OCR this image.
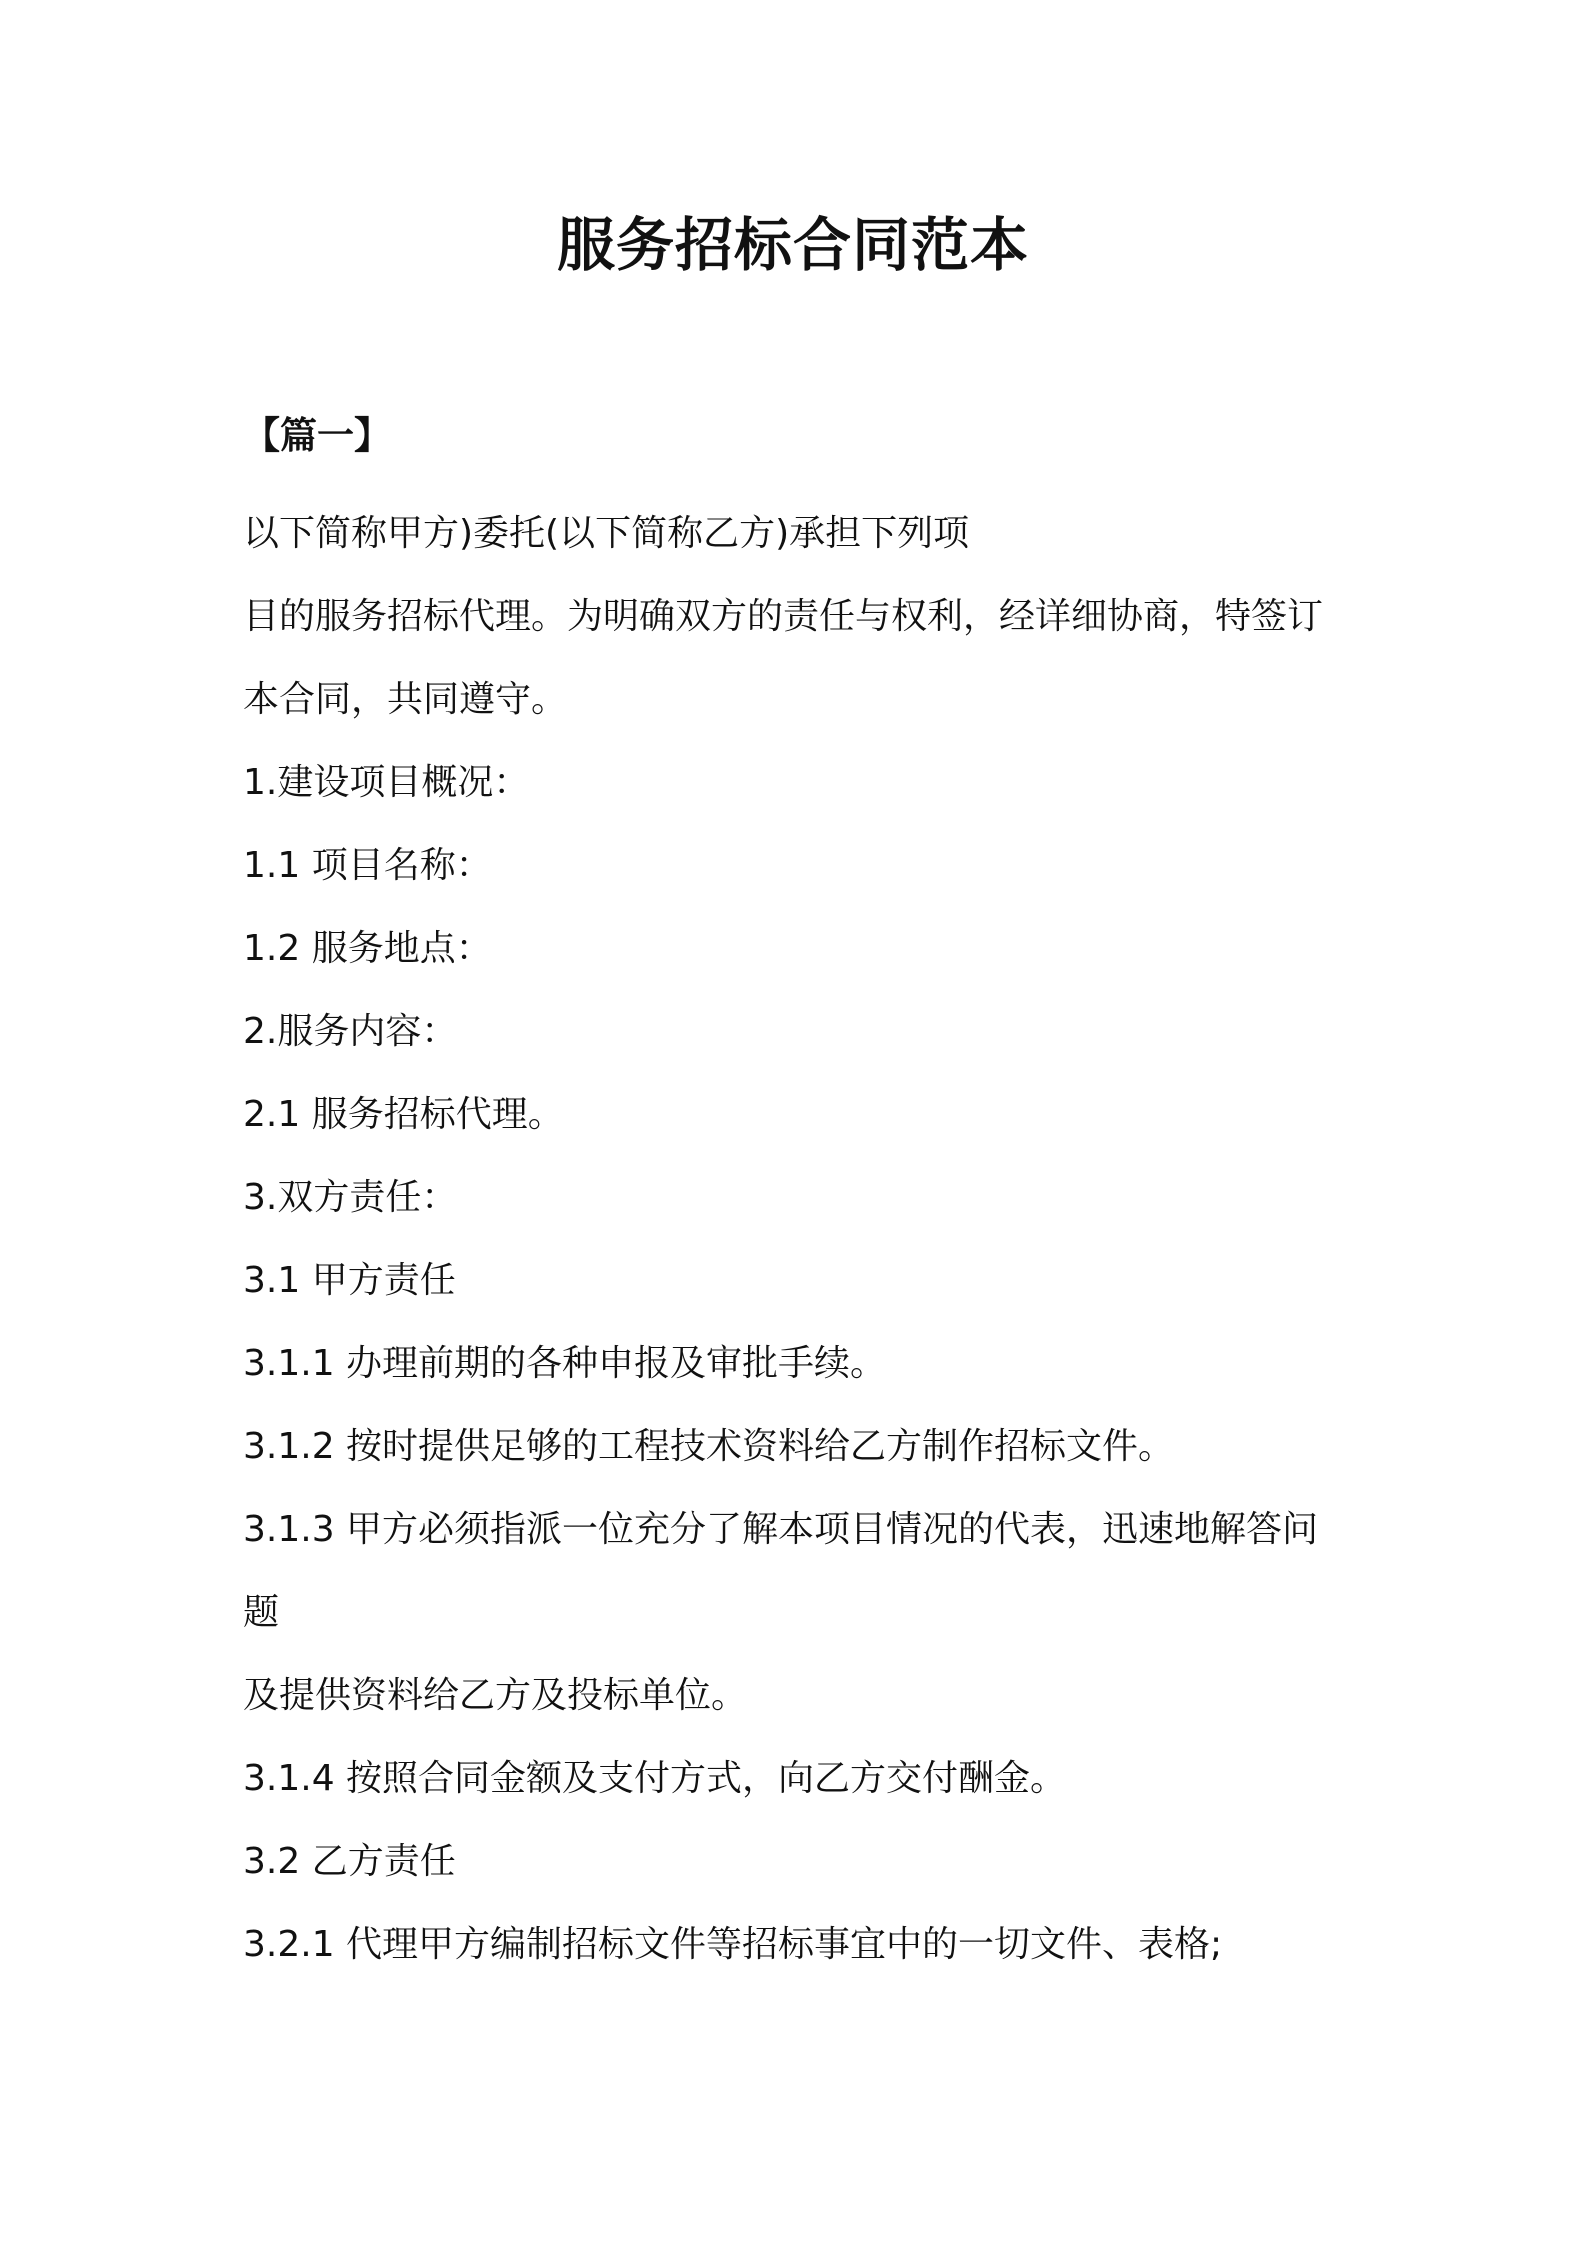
服务招标合同范本
【篇一】

以下简称甲方)委托(以下简称乙方)承担下列项

目的服务招标代理。为明确双方的责任与权利，经详细协商，特签订

本合同，共同遵守。

1.建设项目概况：

1.1 项目名称：

1.2 服务地点：

2.服务内容：

2.1 服务招标代理。

3.双方责任：

3.1 甲方责任

3.1.1 办理前期的各种申报及审批手续。

3.1.2 按时提供足够的工程技术资料给乙方制作招标文件。

3.1.3 甲方必须指派一位充分了解本项目情况的代表，迅速地解答问

题

及提供资料给乙方及投标单位。

3.1.4 按照合同金额及支付方式，向乙方交付酬金。

3.2 乙方责任

3.2.1 代理甲方编制招标文件等招标事宜中的一切文件、表格;
